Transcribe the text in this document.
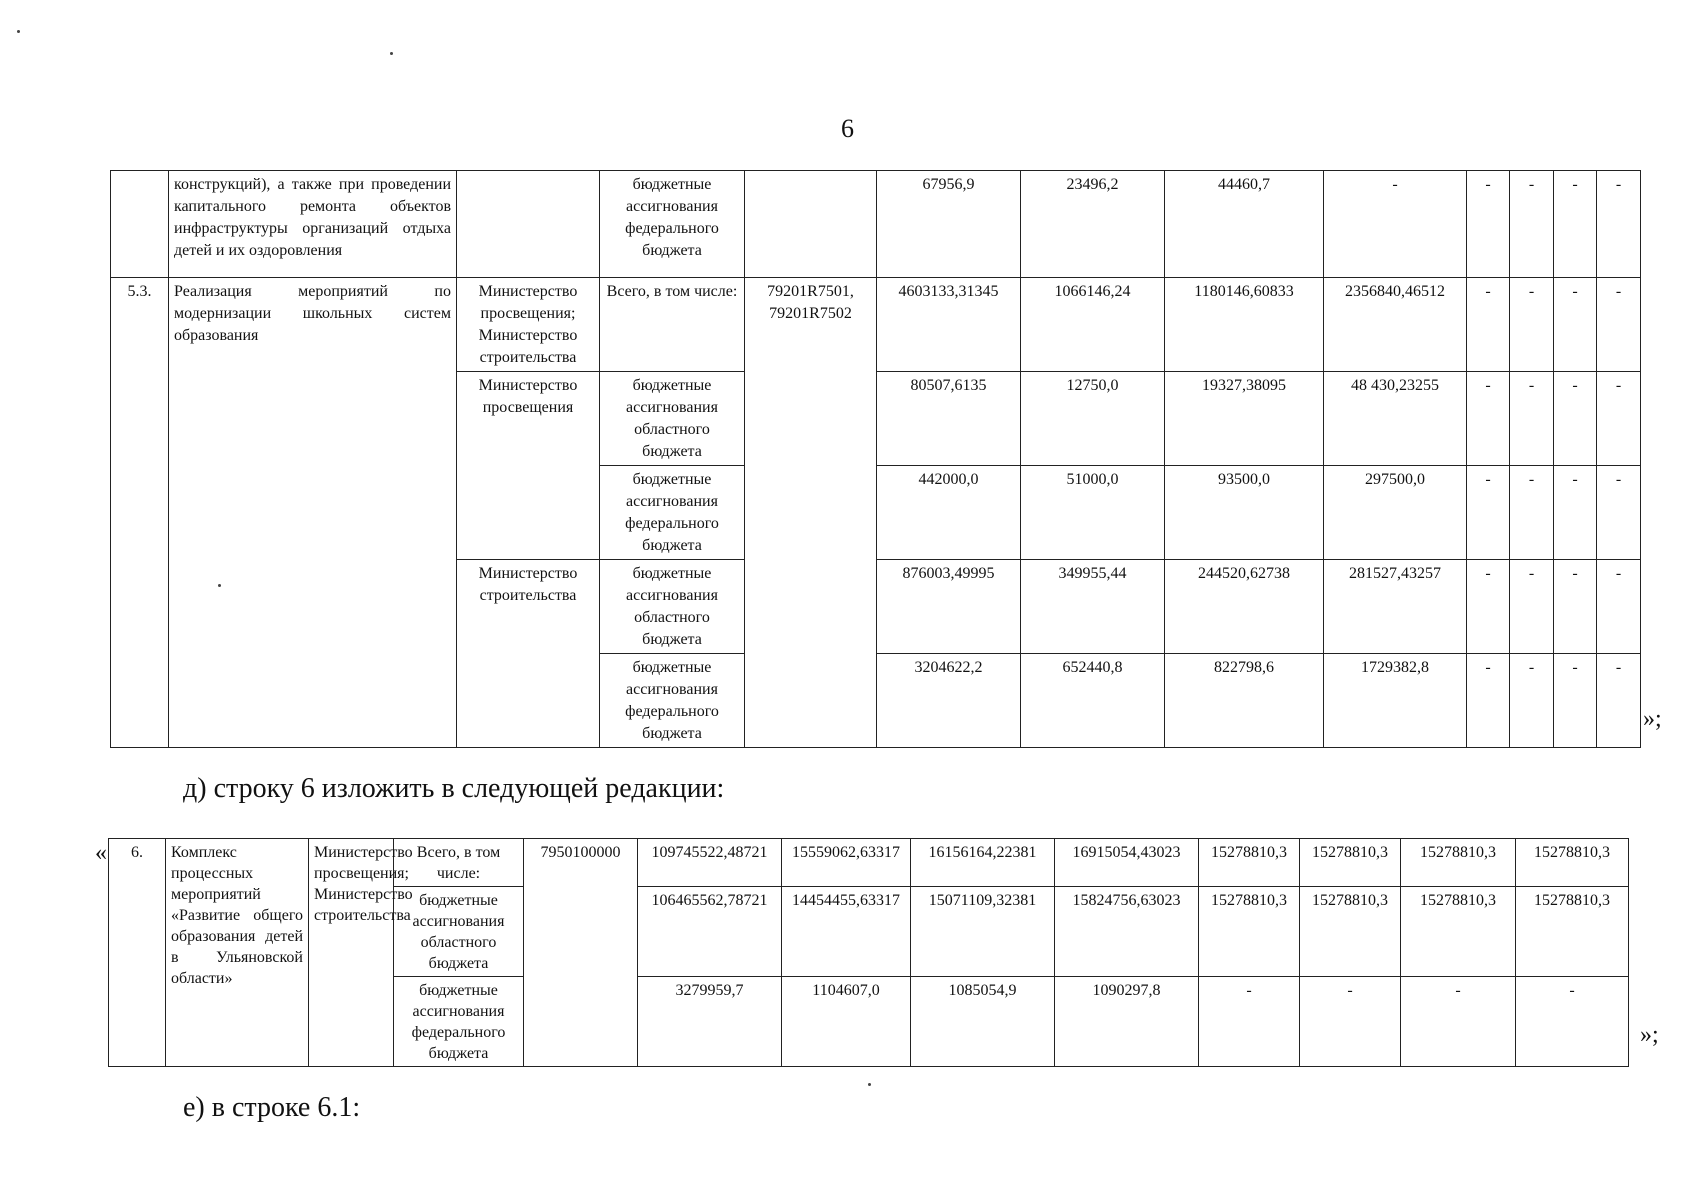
6
	конструкций), а также при проведении капитального ремонта объектов инфраструктуры организаций отдыха детей и их оздоровления		бюджетные ассигнования федерального бюджета		67956,9	23496,2	44460,7	-	-	-	-	-
5.3.	Реализация мероприятий по модернизации школьных систем образования	Министерство просвещения; Министерство строительства	Всего, в том числе:	79201R7501, 79201R7502	4603133,31345	1066146,24	1180146,60833	2356840,46512	-	-	-	-
		Министерство просвещения	бюджетные ассигнования областного бюджета		80507,6135	12750,0	19327,38095	48 430,23255	-	-	-	-
			бюджетные ассигнования федерального бюджета		442000,0	51000,0	93500,0	297500,0	-	-	-	-
		Министерство строительства	бюджетные ассигнования областного бюджета		876003,49995	349955,44	244520,62738	281527,43257	-	-	-	-
			бюджетные ассигнования федерального бюджета		3204622,2	652440,8	822798,6	1729382,8	-	-	-	-
»;
д) строку 6 изложить в следующей редакции:
« 6.	Комплекс процессных мероприятий «Развитие общего образования детей в Ульяновской области»	Министерство просвещения; Министерство строительства	Всего, в том числе:	7950100000	109745522,48721	15559062,63317	16156164,22381	16915054,43023	15278810,3	15278810,3	15278810,3	15278810,3
			бюджетные ассигнования областного бюджета		106465562,78721	14454455,63317	15071109,32381	15824756,63023	15278810,3	15278810,3	15278810,3	15278810,3
			бюджетные ассигнования федерального бюджета		3279959,7	1104607,0	1085054,9	1090297,8	-	-	-	-
»;
е) в строке 6.1:
